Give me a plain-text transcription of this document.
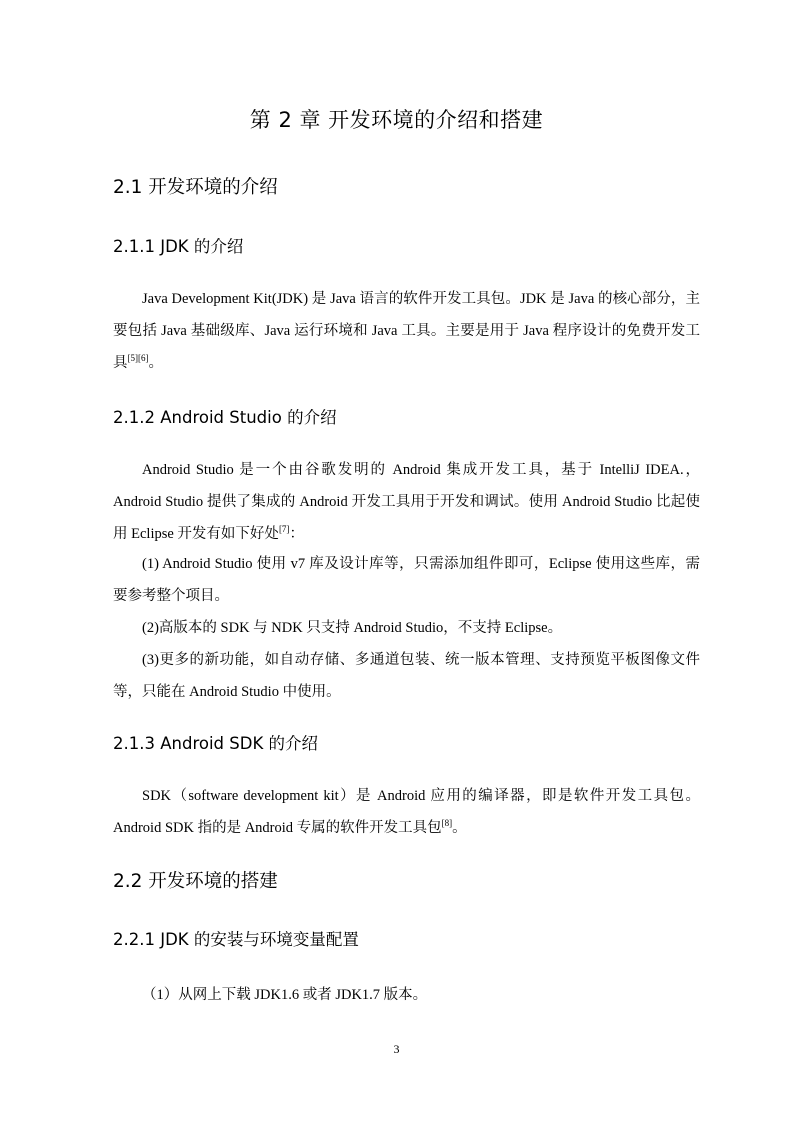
第 2 章 开发环境的介绍和搭建
2.1 开发环境的介绍
2.1.1 JDK 的介绍

Java Development Kit(JDK) 是 Java 语言的软件开发工具包。JDK 是 Java 的核心部分，主要包括 Java 基础级库、Java 运行环境和 Java 工具。主要是用于 Java 程序设计的免费开发工具[5][6]。

2.1.2 Android Studio 的介绍

Android Studio 是一个由谷歌发明的 Android 集成开发工具，基于 IntelliJ IDEA.，Android Studio 提供了集成的 Android 开发工具用于开发和调试。使用 Android Studio 比起使用 Eclipse 开发有如下好处[7]：

(1) Android Studio 使用 v7 库及设计库等，只需添加组件即可，Eclipse 使用这些库，需要参考整个项目。

(2)高版本的 SDK 与 NDK 只支持 Android Studio，不支持 Eclipse。

(3)更多的新功能，如自动存储、多通道包装、统一版本管理、支持预览平板图像文件等，只能在 Android Studio 中使用。

2.1.3 Android SDK 的介绍

SDK（software development kit）是 Android 应用的编译器，即是软件开发工具包。Android SDK 指的是 Android 专属的软件开发工具包[8]。

2.2 开发环境的搭建
2.2.1 JDK 的安装与环境变量配置

（1）从网上下载 JDK1.6 或者 JDK1.7 版本。

3
